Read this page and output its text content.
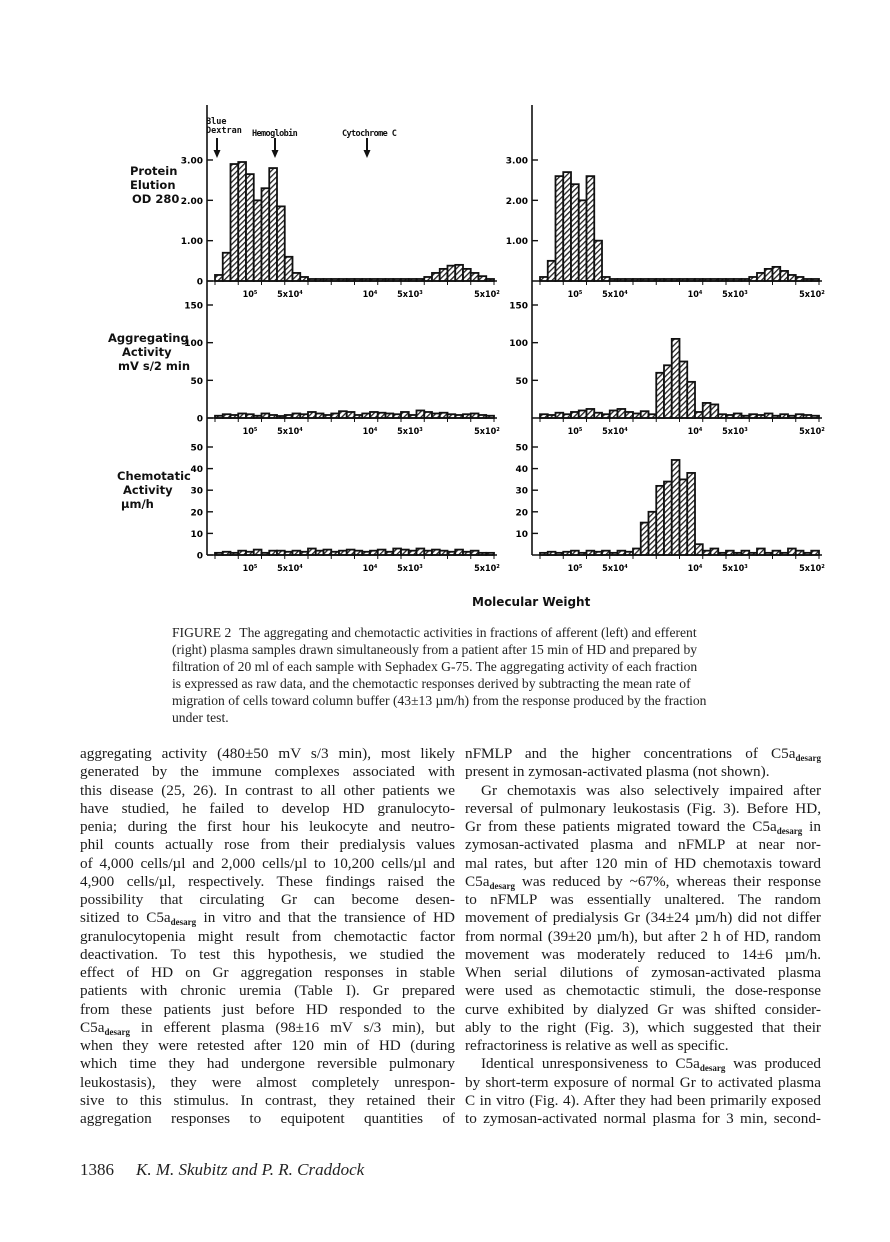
10⁵ 5x10⁴	10⁴ 5x10³	5x10²
3.00
2.00
1.00
0
10⁵ 5x10⁴	10⁴ 5x10³	5x10²
150
100
50
0
10⁵ 5x10⁴	10⁴ 5x10³	5x10²
50
40
30
20
10
0
10⁵ 5x10⁴	10⁴ 5x10³	5x10²
3.00
2.00
1.00
10⁵ 5x10⁴	10⁴ 5x10³	5x10²
150
100
50
10⁵ 5x10⁴	10⁴ 5x10³	5x10²
50
40
30
20
10
Blue
Dextran Hemoglobin	Cytochrome C
Protein
Elution
OD 280
Aggregating
Activity
mV s/2 min
Chemotatic
Activity
µm/h
Molecular Weight
FIGURE 2 The aggregating and chemotactic activities in fractions of afferent (left) and efferent
(right) plasma samples drawn simultaneously from a patient after 15 min of HD and prepared by
filtration of 20 ml of each sample with Sephadex G-75. The aggregating activity of each fraction
is expressed as raw data, and the chemotactic responses derived by subtracting the mean rate of
migration of cells toward column buffer (43±13 µm/h) from the response produced by the fraction
under test.
aggregating activity (480±50 mV s/3 min), most likely
generated by the immune complexes associated with
this disease (25, 26). In contrast to all other patients we
have studied, he failed to develop HD granulocyto-
penia; during the first hour his leukocyte and neutro-
phil counts actually rose from their predialysis values
of 4,000 cells/µl and 2,000 cells/µl to 10,200 cells/µl and
4,900 cells/µl, respectively. These findings raised the
possibility that circulating Gr can become desen-
sitized to $C5a_{desarg}$ in vitro and that the transience of HD
granulocytopenia might result from chemotactic factor
deactivation. To test this hypothesis, we studied the
effect of HD on Gr aggregation responses in stable
patients with chronic uremia (Table I). Gr prepared
from these patients just before HD responded to the
$C5a_{desarg}$ in efferent plasma (98±16 mV s/3 min), but
when they were retested after 120 min of HD (during
which time they had undergone reversible pulmonary
leukostasis), they were almost completely unrespon-
sive to this stimulus. In contrast, they retained their
aggregation responses to equipotent quantities of
nFMLP and the higher concentrations of $C5a_{desarg}$
present in zymosan-activated plasma (not shown).
Gr chemotaxis was also selectively impaired after
reversal of pulmonary leukostasis (Fig. 3). Before HD,
Gr from these patients migrated toward the $C5a_{desarg}$ in
zymosan-activated plasma and nFMLP at near nor-
mal rates, but after 120 min of HD chemotaxis toward
$C5a_{desarg}$ was reduced by ~67%, whereas their response
to nFMLP was essentially unaltered. The random
movement of predialysis Gr (34±24 µm/h) did not differ
from normal (39±20 µm/h), but after 2 h of HD, random
movement was moderately reduced to 14±6 µm/h.
When serial dilutions of zymosan-activated plasma
were used as chemotactic stimuli, the dose-response
curve exhibited by dialyzed Gr was shifted consider-
ably to the right (Fig. 3), which suggested that their
refractoriness is relative as well as specific.
Identical unresponsiveness to $C5a_{desarg}$ was produced
by short-term exposure of normal Gr to activated plasma
C in vitro (Fig. 4). After they had been primarily exposed
to zymosan-activated normal plasma for 3 min, second-
1386 K. M. Skubitz and P. R. Craddock
